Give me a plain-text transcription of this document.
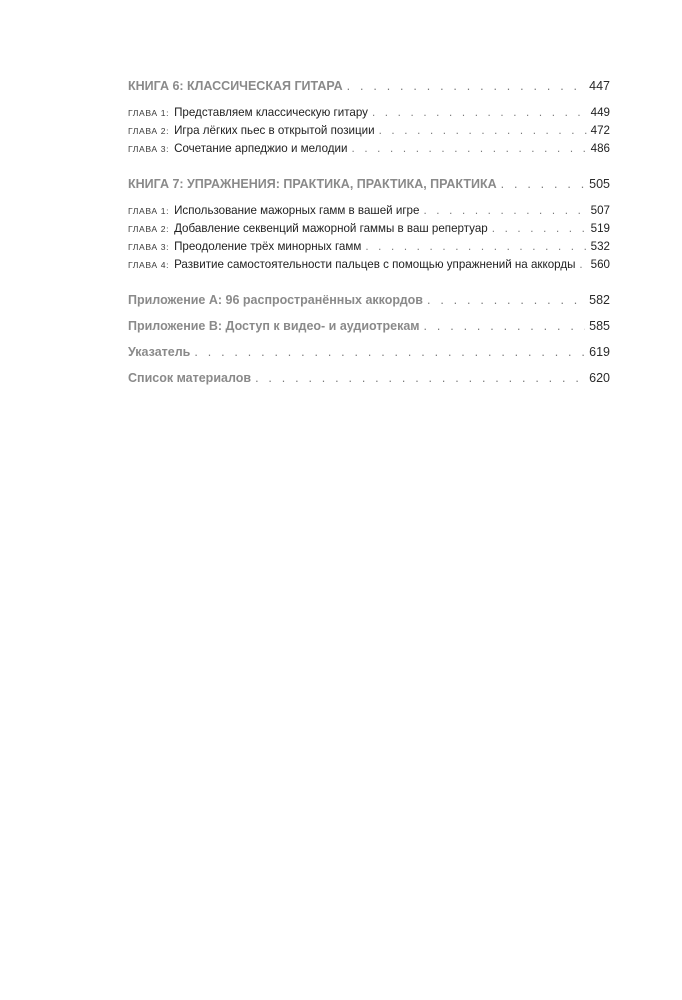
КНИГА 6: КЛАССИЧЕСКАЯ ГИТАРА . . .	447
ГЛАВА 1: Представляем классическую гитару . . .	449
ГЛАВА 2: Игра лёгких пьес в открытой позиции . . .	472
ГЛАВА 3: Сочетание арпеджио и мелодии . . .	486
КНИГА 7: УПРАЖНЕНИЯ: ПРАКТИКА, ПРАКТИКА, ПРАКТИКА . . .	505
ГЛАВА 1: Использование мажорных гамм в вашей игре . . .	507
ГЛАВА 2: Добавление секвенций мажорной гаммы в ваш репертуар . . .	519
ГЛАВА 3: Преодоление трёх минорных гамм . . .	532
ГЛАВА 4: Развитие самостоятельности пальцев с помощью упражнений на аккорды . . . 560
Приложение А: 96 распространённых аккордов . . .	582
Приложение В: Доступ к видео- и аудиотрекам . . .	585
Указатель . . .	619
Список материалов . . .	620
